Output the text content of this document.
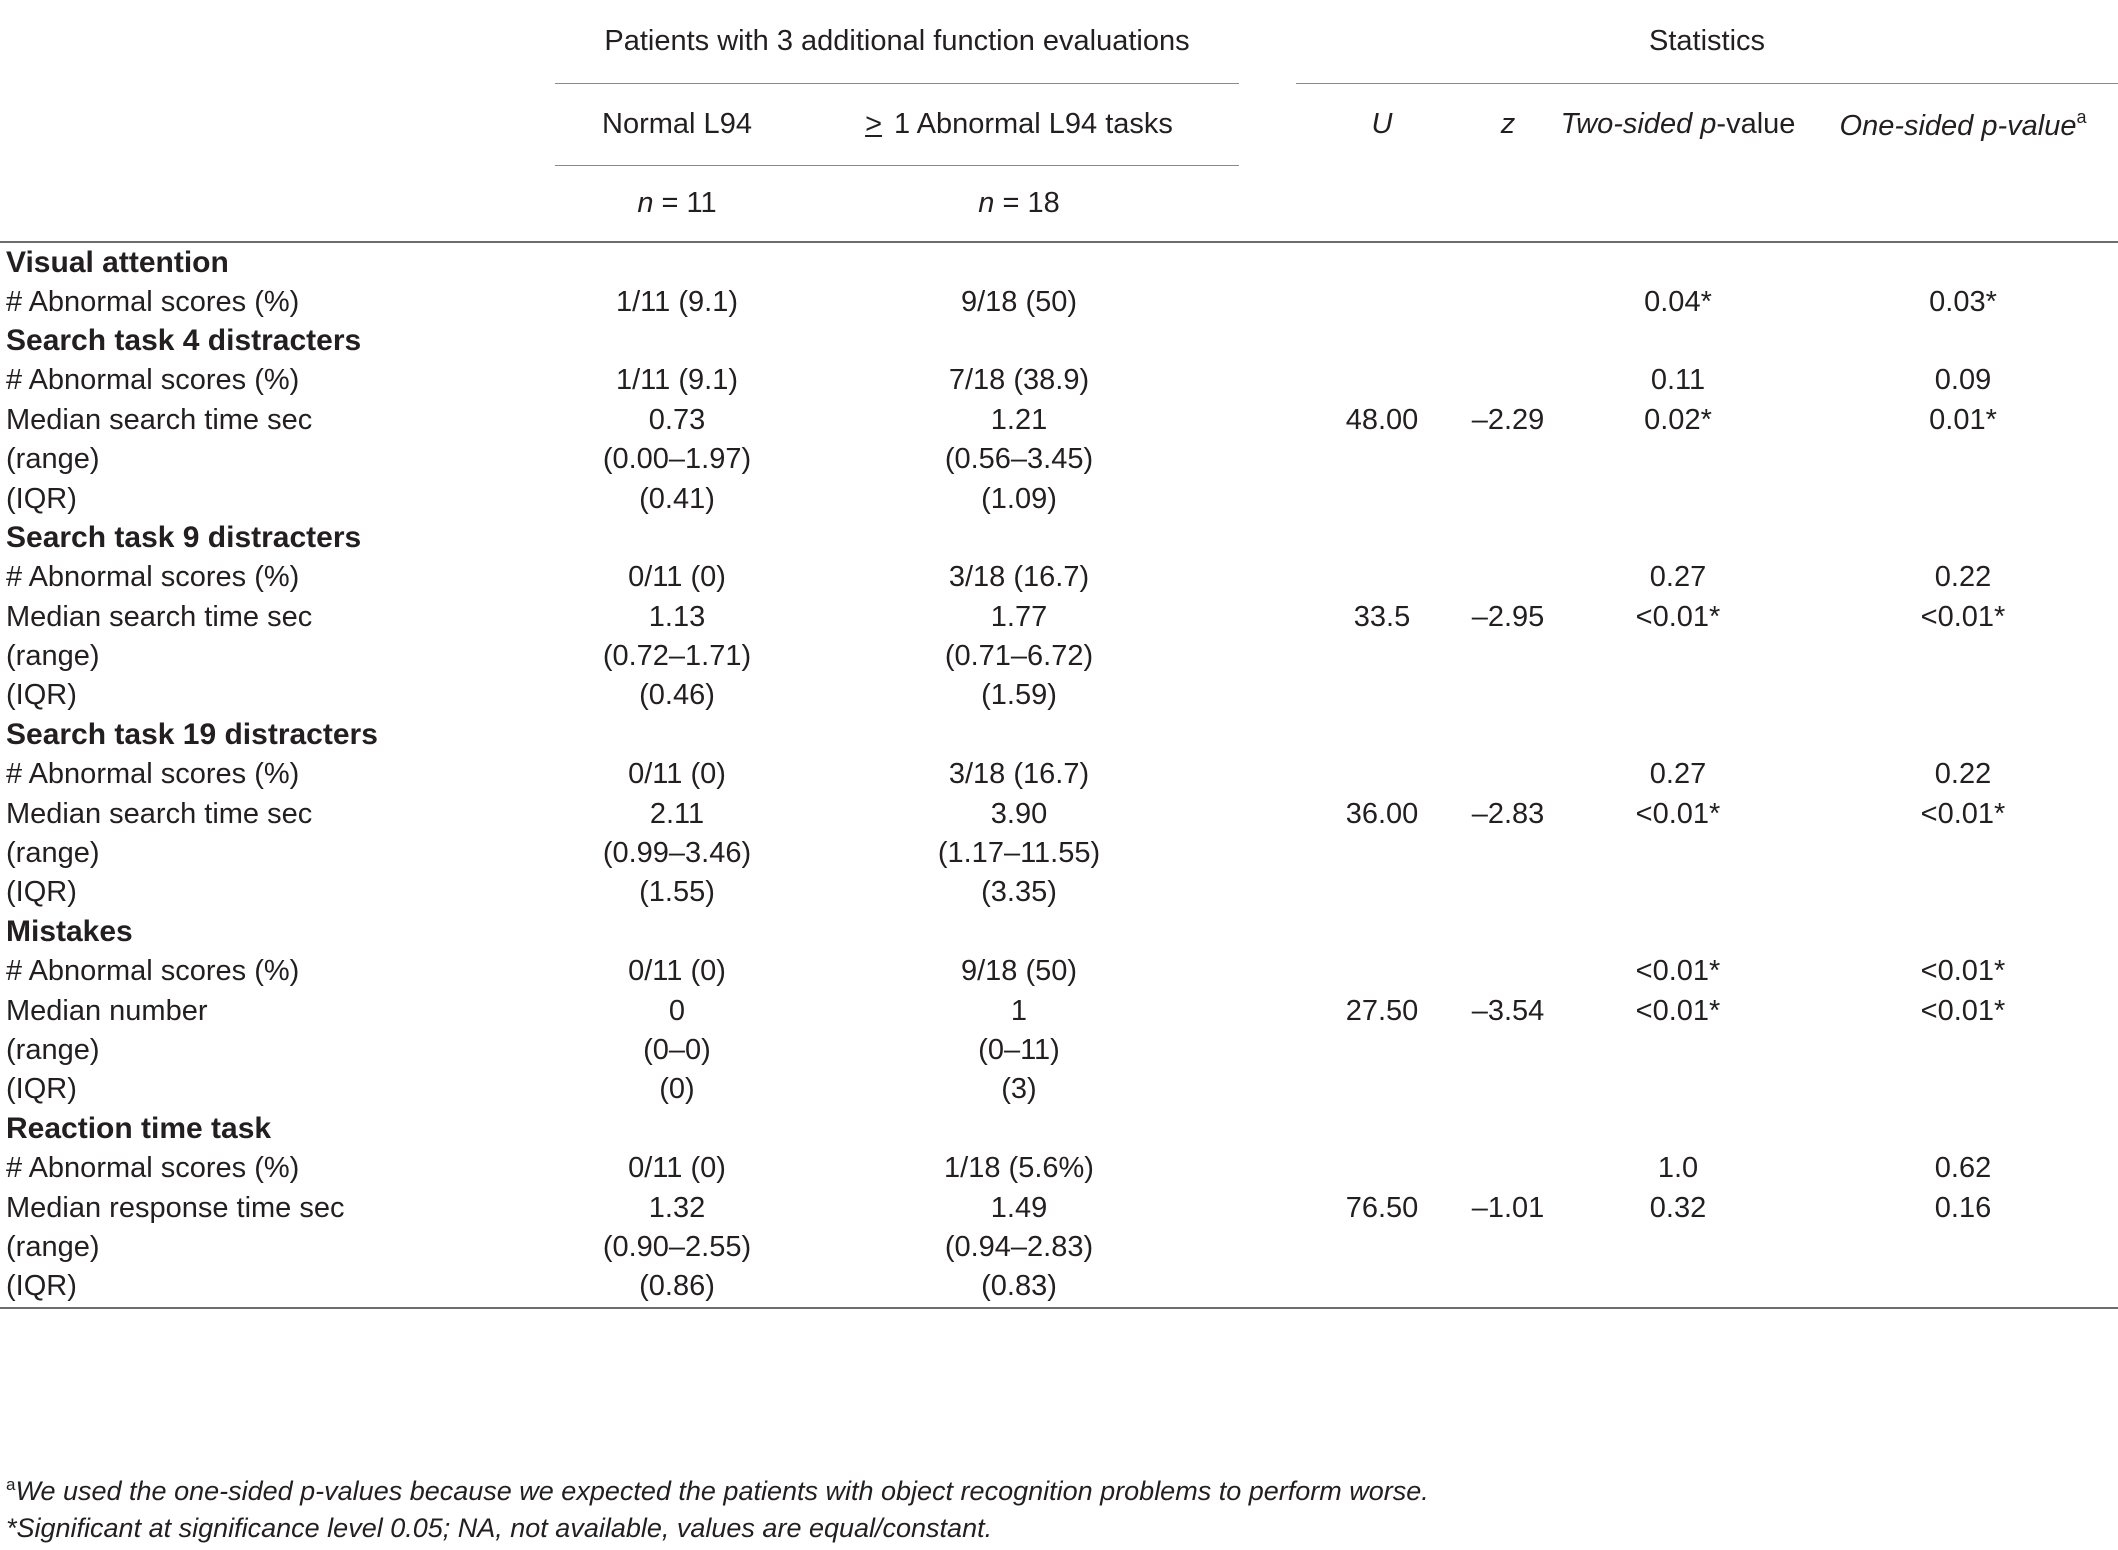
	Patients with 3 additional function evaluations			Statistics			
	Normal L94	≥ 1 Abnormal L94 tasks		U	z	Two-sided p-value	One-sided p-value$^a$
	n = 11	n = 18					
Visual attention							
# Abnormal scores (%)	1/11 (9.1)	9/18 (50)				0.04*	0.03*
Search task 4 distracters							
# Abnormal scores (%)	1/11 (9.1)	7/18 (38.9)				0.11	0.09
Median search time sec	0.73	1.21		48.00	–2.29	0.02*	0.01*
(range)	(0.00–1.97)	(0.56–3.45)					
(IQR)	(0.41)	(1.09)					
Search task 9 distracters							
# Abnormal scores (%)	0/11 (0)	3/18 (16.7)				0.27	0.22
Median search time sec	1.13	1.77		33.5	–2.95	<0.01*	<0.01*
(range)	(0.72–1.71)	(0.71–6.72)					
(IQR)	(0.46)	(1.59)					
Search task 19 distracters							
# Abnormal scores (%)	0/11 (0)	3/18 (16.7)				0.27	0.22
Median search time sec	2.11	3.90		36.00	–2.83	<0.01*	<0.01*
(range)	(0.99–3.46)	(1.17–11.55)					
(IQR)	(1.55)	(3.35)					
Mistakes							
# Abnormal scores (%)	0/11 (0)	9/18 (50)				<0.01*	<0.01*
Median number	0	1		27.50	–3.54	<0.01*	<0.01*
(range)	(0–0)	(0–11)					
(IQR)	(0)	(3)					
Reaction time task							
# Abnormal scores (%)	0/11 (0)	1/18 (5.6%)				1.0	0.62
Median response time sec	1.32	1.49		76.50	–1.01	0.32	0.16
(range)	(0.90–2.55)	(0.94–2.83)					
(IQR)	(0.86)	(0.83)					
$^a$We used the one-sided p-values because we expected the patients with object recognition problems to perform worse.
*Significant at significance level 0.05; NA, not available, values are equal/constant.
